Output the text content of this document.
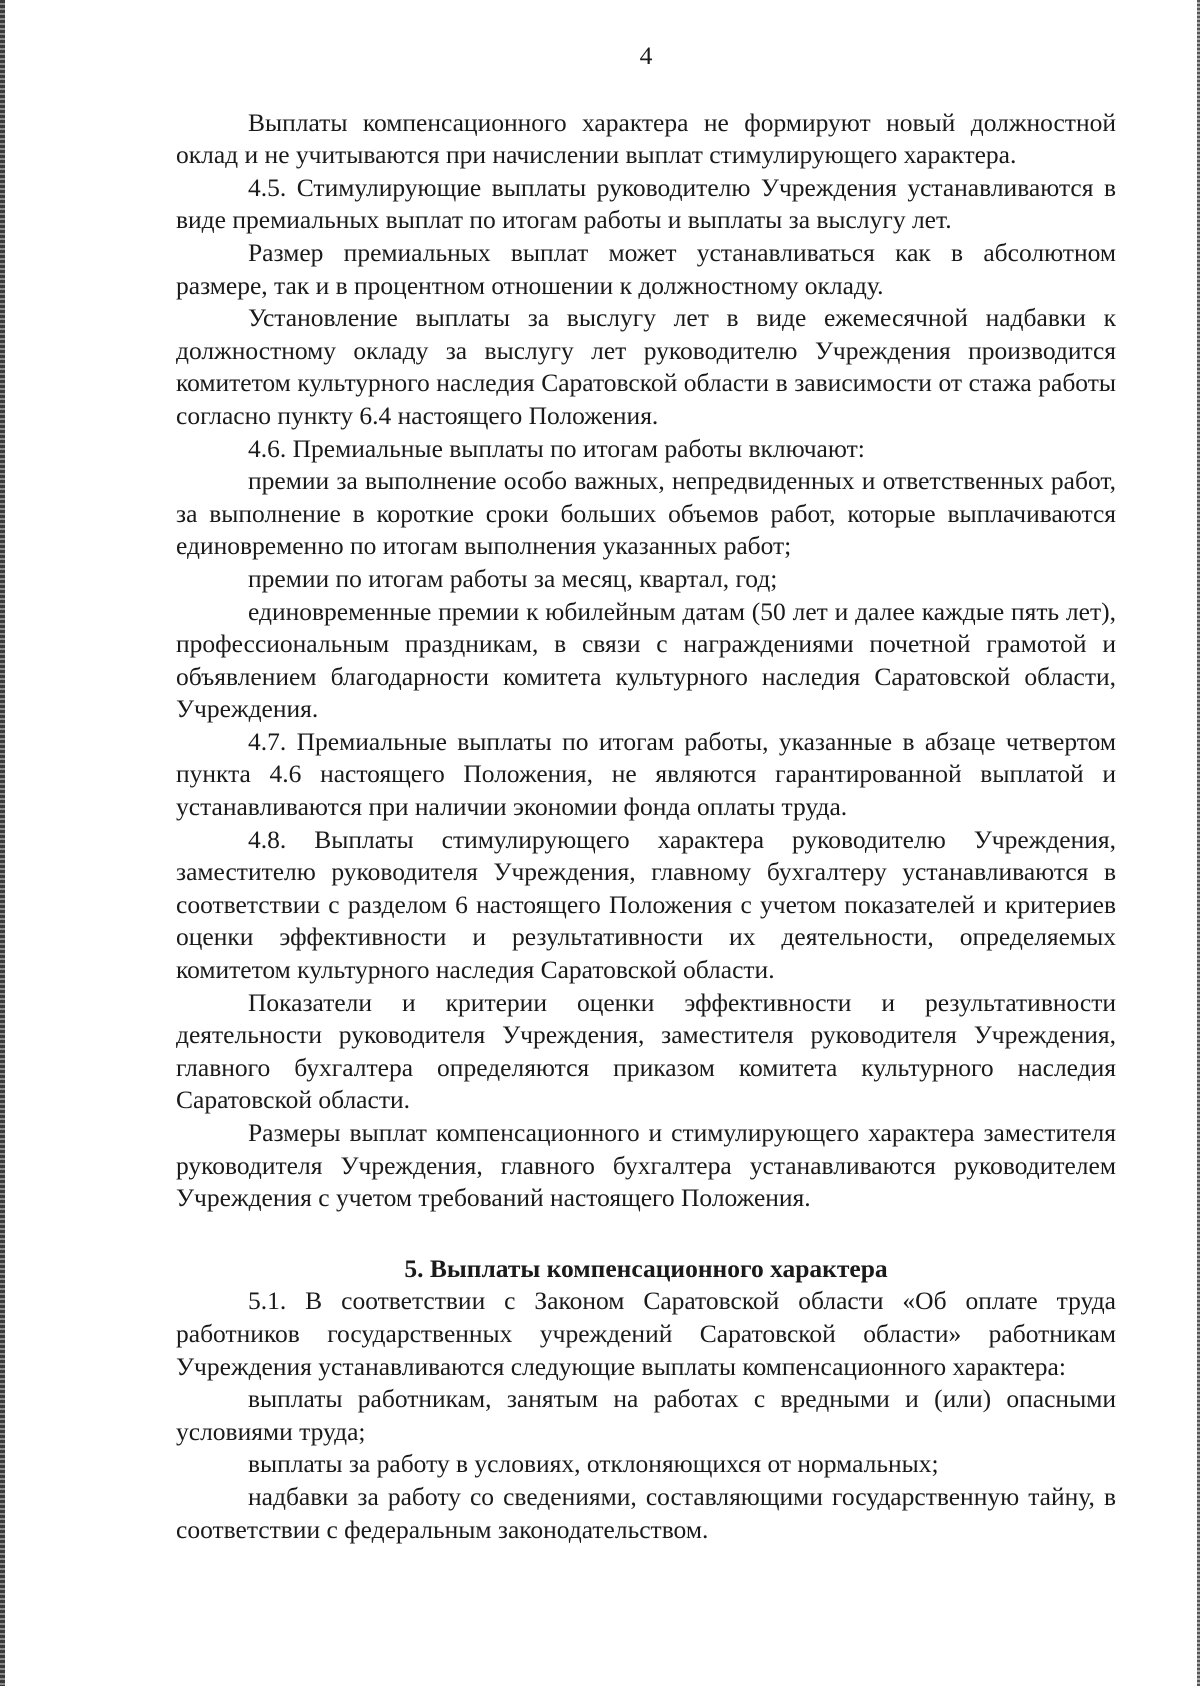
4

Выплаты компенсационного характера не формируют новый должностной оклад и не учитываются при начислении выплат стимулирующего характера.

4.5. Стимулирующие выплаты руководителю Учреждения устанавливаются в виде премиальных выплат по итогам работы и выплаты за выслугу лет.

Размер премиальных выплат может устанавливаться как в абсолютном размере, так и в процентном отношении к должностному окладу.

Установление выплаты за выслугу лет в виде ежемесячной надбавки к должностному окладу за выслугу лет руководителю Учреждения производится комитетом культурного наследия Саратовской области в зависимости от стажа работы согласно пункту 6.4 настоящего Положения.

4.6. Премиальные выплаты по итогам работы включают:

премии за выполнение особо важных, непредвиденных и ответственных работ, за выполнение в короткие сроки больших объемов работ, которые выплачиваются единовременно по итогам выполнения указанных работ;

премии по итогам работы за месяц, квартал, год;

единовременные премии к юбилейным датам (50 лет и далее каждые пять лет), профессиональным праздникам, в связи с награждениями почетной грамотой и объявлением благодарности комитета культурного наследия Саратовской области, Учреждения.

4.7. Премиальные выплаты по итогам работы, указанные в абзаце четвертом пункта 4.6 настоящего Положения, не являются гарантированной выплатой и устанавливаются при наличии экономии фонда оплаты труда.

4.8. Выплаты стимулирующего характера руководителю Учреждения, заместителю руководителя Учреждения, главному бухгалтеру устанавливаются в соответствии с разделом 6 настоящего Положения с учетом показателей и критериев оценки эффективности и результативности их деятельности, определяемых комитетом культурного наследия Саратовской области.

Показатели и критерии оценки эффективности и результативности деятельности руководителя Учреждения, заместителя руководителя Учреждения, главного бухгалтера определяются приказом комитета культурного наследия Саратовской области.

Размеры выплат компенсационного и стимулирующего характера заместителя руководителя Учреждения, главного бухгалтера устанавливаются руководителем Учреждения с учетом требований настоящего Положения.

5. Выплаты компенсационного характера

5.1. В соответствии с Законом Саратовской области «Об оплате труда работников государственных учреждений Саратовской области» работникам Учреждения устанавливаются следующие выплаты компенсационного характера:

выплаты работникам, занятым на работах с вредными и (или) опасными условиями труда;

выплаты за работу в условиях, отклоняющихся от нормальных;

надбавки за работу со сведениями, составляющими государственную тайну, в соответствии с федеральным законодательством.
